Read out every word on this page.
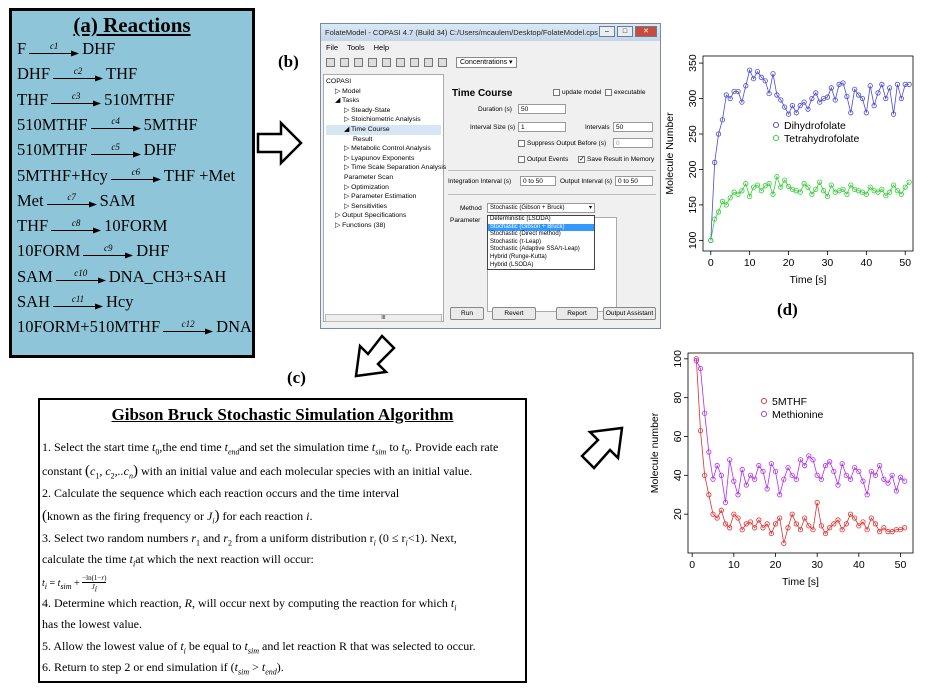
(b)
(c)
(d)
(a) Reactions
F	c1 DHF
DHF	c2 THF
THF	c3 510MTHF
510MTHF	c4 5MTHF
510MTHF	c5 DHF
5MTHF+Hcy	c6 THF +Met
Met	c7 SAM
THF	c8 10FORM
10FORM	c9 DHF
SAM c10 DNA_CH3+SAH
SAH c11 Hcy
10FORM+510MTHF c12 DNA
FolateModel - COPASI 4.7 (Build 34) C:/Users/mcaulem/Desktop/FolateModel.cps	–	□	✕
File Tools Help
Concentrations ▾
COPASI
▷ Model
◢ Tasks
▷ Steady-State
▷ Stoichiometric Analysis
◢ Time Course
Result
▷ Metabolic Control Analysis
▷ Lyapunov Exponents
▷ Time Scale Separation Analysis
Parameter Scan
▷ Optimization
▷ Parameter Estimation
▷ Sensitivities
▷ Output Specifications
▷ Functions (38)
III
Time Course	update model	executable
Duration (s)	50
Interval Size (s) 1	Intervals 50
Suppress Output Before (s)	0
Output Events ✓ Save Result in Memory
Integration Interval (s)	0 to 50	Output Interval (s) 0 to 50
Method	Stochastic (Gibson + Bruck)	▾
Parameter
Run	Revert	Report	Output Assistant
Deterministic (LSODA)
Stochastic (Gibson + Bruck)
Stochastic (Direct method)
Stochastic (τ-Leap)
Stochastic (Adaptive SSA/τ-Leap)
Hybrid (Runge-Kutta)
Hybrid (LSODA)
Gibson Bruck Stochastic Simulation Algorithm
1. Select the start time $t_0,the$ end time $t_{end}and$ set the simulation time $t_{sim}$ to $t_0$. Provide each rate
constant ($c_1$, $c_2,..c_n$) with an initial value and each molecular species with an initial value.
2. Calculate the sequence which each reaction occurs and the time interval
(known as the firing frequency or $J_i$) for each reaction i.
3. Select two random numbers $r_1$ and $r_2$ from a uniform distribution $r_i$ $(0 \le r_i<1)$. Next,
calculate the time $t_iat$ which the next reaction will occur:
$t_i = t_{sim} + -\ln(1-r)$
$J_i$
4. Determine which reaction, R, will occur next by computing the reaction for which $t_i$
has the lowest value.
5. Allow the lowest value of $t_i$ be equal to $t_{sim}$ and let reaction R that was selected to occur.
6. Return to step 2 or end simulation if $(t_{sim} > t_{end})$.
0	10	20	30	40	50
100
150
200
250
300
350
Time [s]
Molecule Number	Dihydrofolate
Tetrahydrofolate
0	10	20	30	40	50
20
40
60
80
100
Time [s]
Molecule number
5MTHF
Methionine
